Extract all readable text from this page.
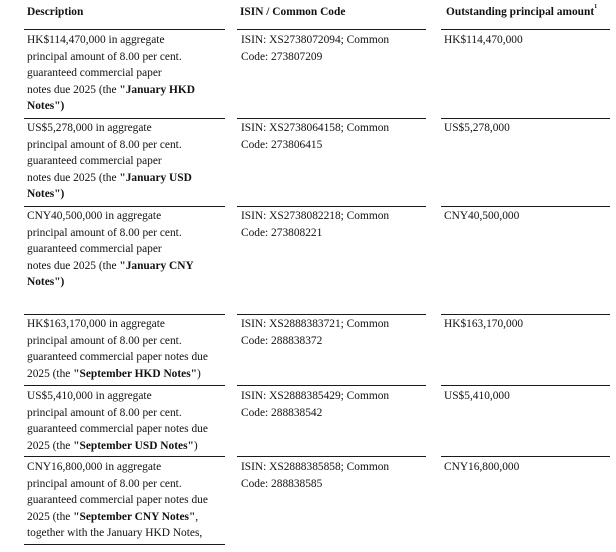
Description	ISIN / Common Code	Outstanding principal amount$^1$
HK$114,470,000 in aggregate
principal amount of 8.00 per cent.
guaranteed commercial paper
notes due 2025 (the "January HKD
Notes")
ISIN: XS2738072094; Common
Code: 273807209
HK$114,470,000
US$5,278,000 in aggregate
principal amount of 8.00 per cent.
guaranteed commercial paper
notes due 2025 (the "January USD
Notes")
ISIN: XS2738064158; Common
Code: 273806415
US$5,278,000
CNY40,500,000 in aggregate
principal amount of 8.00 per cent.
guaranteed commercial paper
notes due 2025 (the "January CNY
Notes")
ISIN: XS2738082218; Common
Code: 273808221
CNY40,500,000
HK$163,170,000 in aggregate
principal amount of 8.00 per cent.
guaranteed commercial paper notes due
2025 (the "September HKD Notes")
ISIN: XS2888383721; Common
Code: 288838372
HK$163,170,000
US$5,410,000 in aggregate
principal amount of 8.00 per cent.
guaranteed commercial paper notes due
2025 (the "September USD Notes")
ISIN: XS2888385429; Common
Code: 288838542
US$5,410,000
CNY16,800,000 in aggregate
principal amount of 8.00 per cent.
guaranteed commercial paper notes due
2025 (the "September CNY Notes",
together with the January HKD Notes,
ISIN: XS2888385858; Common
Code: 288838585
CNY16,800,000
